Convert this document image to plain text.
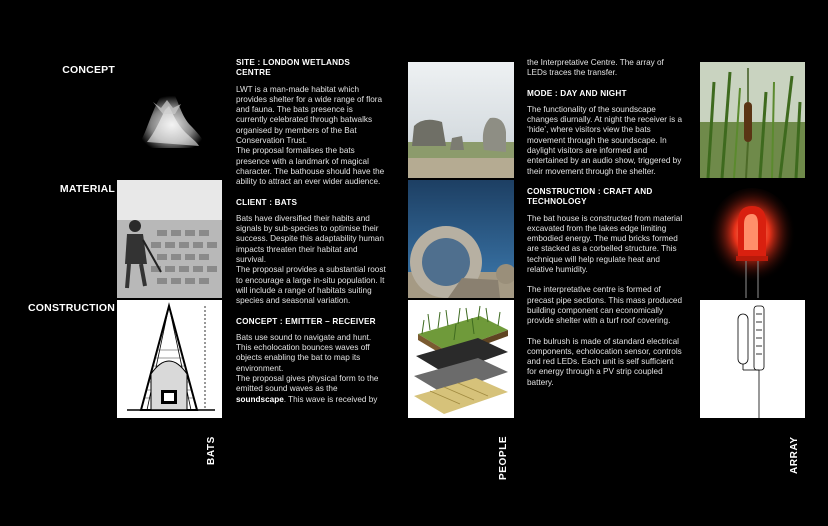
CONCEPT
MATERIAL
CONSTRUCTION
SITE : LONDON WETLANDS CENTRE
LWT is a man-made habitat which provides shelter for a wide range of flora and fauna. The bats presence is currently celebrated through batwalks organised by members of the Bat Conservation Trust.

The proposal formalises the bats presence with a landmark of magical character. The bathouse should have the ability to attract an ever wider audience.

CLIENT : BATS
Bats have diversified their habits and signals by sub-species to optimise their success. Despite this adaptability human impacts threaten their habitat and survival.

The proposal provides a substantial roost to encourage a large in-situ population. It will include a range of habitats suiting species and seasonal variation.

CONCEPT : EMITTER – RECEIVER
Bats use sound to navigate and hunt. This echolocation bounces waves off objects enabling the bat to map its environment.
The proposal gives physical form to the emitted sound waves as the soundscape. This wave is received by

the Interpretative Centre. The array of LEDs traces the transfer.

MODE : DAY AND NIGHT

The functionality of the soundscape changes diurnally. At night the receiver is a ‘hide’, where visitors view the bats movement through the soundscape. In daylight visitors are informed and entertained by an audio show, triggered by their movement through the shelter.

CONSTRUCTION : CRAFT AND TECHNOLOGY

The bat house is constructed from material excavated from the lakes edge limiting embodied energy. The mud bricks formed are stacked as a corbelled structure. This technique will help regulate heat and relative humidity.

The interpretative centre is formed of precast pipe sections. This mass produced building component can economically provide shelter with a turf roof covering.

The bulrush is made of standard electrical components, echolocation sensor, controls and red LEDs. Each unit is self sufficient for energy through a PV strip coupled battery.

BATS	PEOPLE	ARRAY
